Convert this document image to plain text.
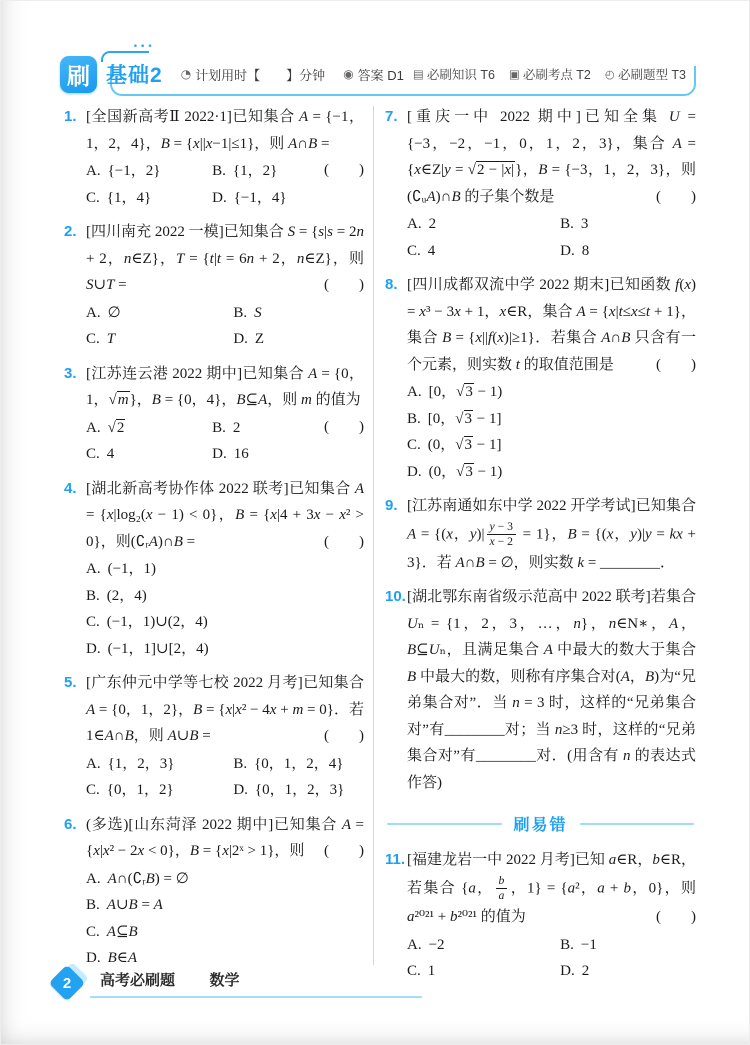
刷 基础2 ••• ◔ 计划用时【　　】分钟 ◉ 答案 D1 ▤ 必刷知识 T6 ▣ 必刷考点 T2 ◴ 必刷题型 T3
1. [全国新高考Ⅱ 2022·1]已知集合 A = {−1，1，2，4}，B = {x||x−1|≤1}，则 A∩B =
(　　)

A. {−1，2}	B. {1，2}
C. {1，4}	D. {−1，4}
2. [四川南充 2022 一模]已知集合 S = {s|s = 2n + 2，n∈Z}，T = {t|t = 6n + 2，n∈Z}，则 S∪T =	(　　)

A. ∅	B. S
C. T	D. Z
3. [江苏连云港 2022 期中]已知集合 A = {0，1，√m}，B = {0，4}，B⊆A，则 m 的值为
(　　)

A. √2	B. 2
C. 4	D. 16
4. [湖北新高考协作体 2022 联考]已知集合 A = {x|log₂(x − 1) < 0}，B = {x|4 + 3x − x² > 0}，则(∁ᵣA)∩B =	(　　)

A. (−1，1)
B. (2，4)
C. (−1，1)∪(2，4)
D. (−1，1]∪[2，4)
5. [广东仲元中学等七校 2022 月考]已知集合 A = {0，1，2}，B = {x|x² − 4x + m = 0}．若 1∈A∩B，则 A∪B =	(　　)

A. {1，2，3}	B. {0，1，2，4}
C. {0，1，2}	D. {0，1，2，3}
6. (多选)[山东菏泽 2022 期中]已知集合 A = {x|x² − 2x < 0}，B = {x|2ˣ > 1}，则 (　　)

A. A∩(∁ᵣB) = ∅
B. A∪B = A
C. A⊆B
D. B∈A
7. [重庆一中 2022 期中]已知全集 U = {−3，−2，−1，0，1，2，3}，集合 A = {x∈Z|y = √2 − |x|}，B = {−3，1，2，3}，则(∁ᵤA)∩B 的子集个数是	(　　)

A. 2	B. 3
C. 4	D. 8
8. [四川成都双流中学 2022 期末]已知函数 f(x) = x³ − 3x + 1，x∈R，集合 A = {x|t≤x≤t + 1}，集合 B = {x||f(x)|≥1}．若集合 A∩B 只含有一个元素，则实数 t 的取值范围是	(　　)

A. [0，√3 − 1)
B. [0，√3 − 1]
C. (0，√3 − 1]
D. (0，√3 − 1)
9. [江苏南通如东中学 2022 开学考试]已知集合 A = {(x，$y)| \frac{y - 3}{x - 2} = 1$}，B = {(x，y)|y = kx + 3}．若 A∩B = ∅，则实数 k = ________．

10. [湖北鄂东南省级示范高中 2022 联考]若集合 Uₙ = {1，2，3，…，n}，n∈N∗，A，B⊆Uₙ，且满足集合 A 中最大的数大于集合 B 中最大的数，则称有序集合对(A，B)为“兄弟集合对”．当 n = 3 时，这样的“兄弟集合对”有________对；当 n≥3 时，这样的“兄弟集合对”有________对．(用含有 n 的表达式作答)

刷易错
11. [福建龙岩一中 2022 月考]已知 a∈R，b∈R，若集合 {a， $\frac{b}{a}$ ，1} = {a²，a + b，0}，则 a²⁰²¹ + b²⁰²¹ 的值为	(　　)

A. −2	B. −1
C. 1	D. 2
2	高考必刷题 数学
